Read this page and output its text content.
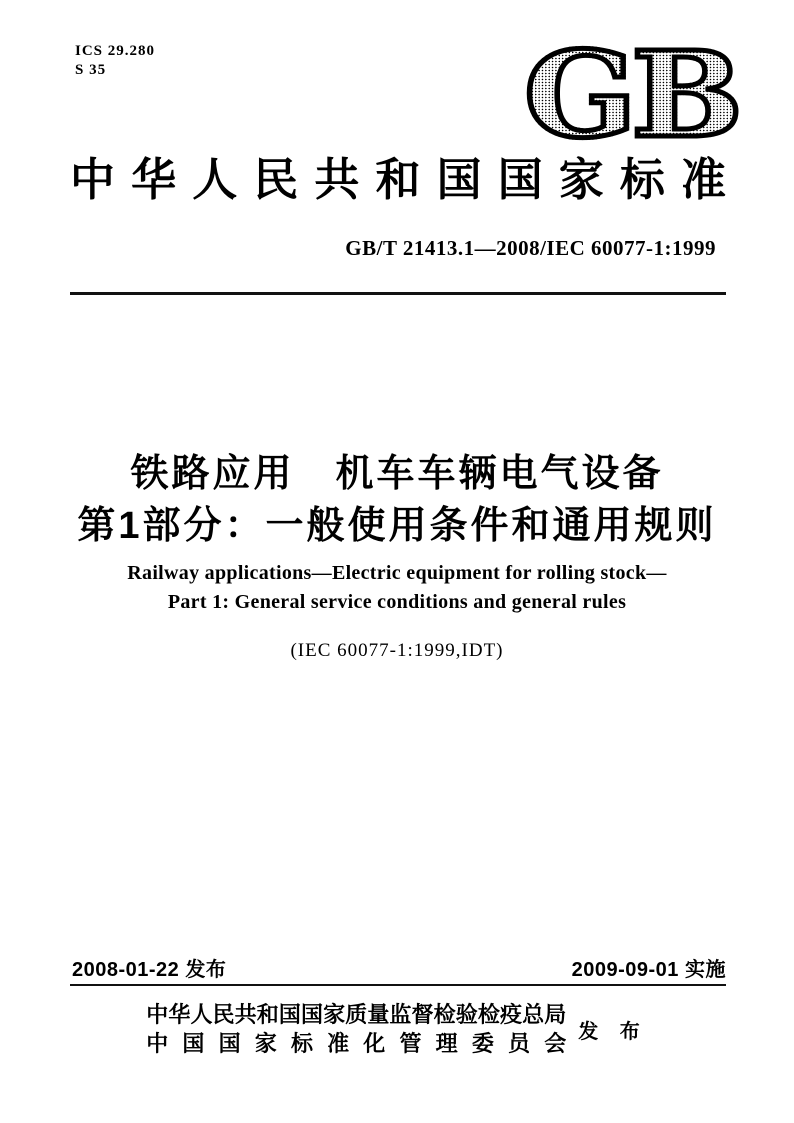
ICS 29.280
S 35	GB
中华人民共和国国家标准
GB/T 21413.1—2008/IEC 60077-1:1999
铁路应用　机车车辆电气设备
第1部分：一般使用条件和通用规则
Railway applications—Electric equipment for rolling stock—
Part 1: General service conditions and general rules
(IEC 60077-1:1999,IDT)
2008-01-22 发布	2009-09-01 实施
中华人民共和国国家质量监督检验检疫总局
中国国家标准化管理委员会 发 布
